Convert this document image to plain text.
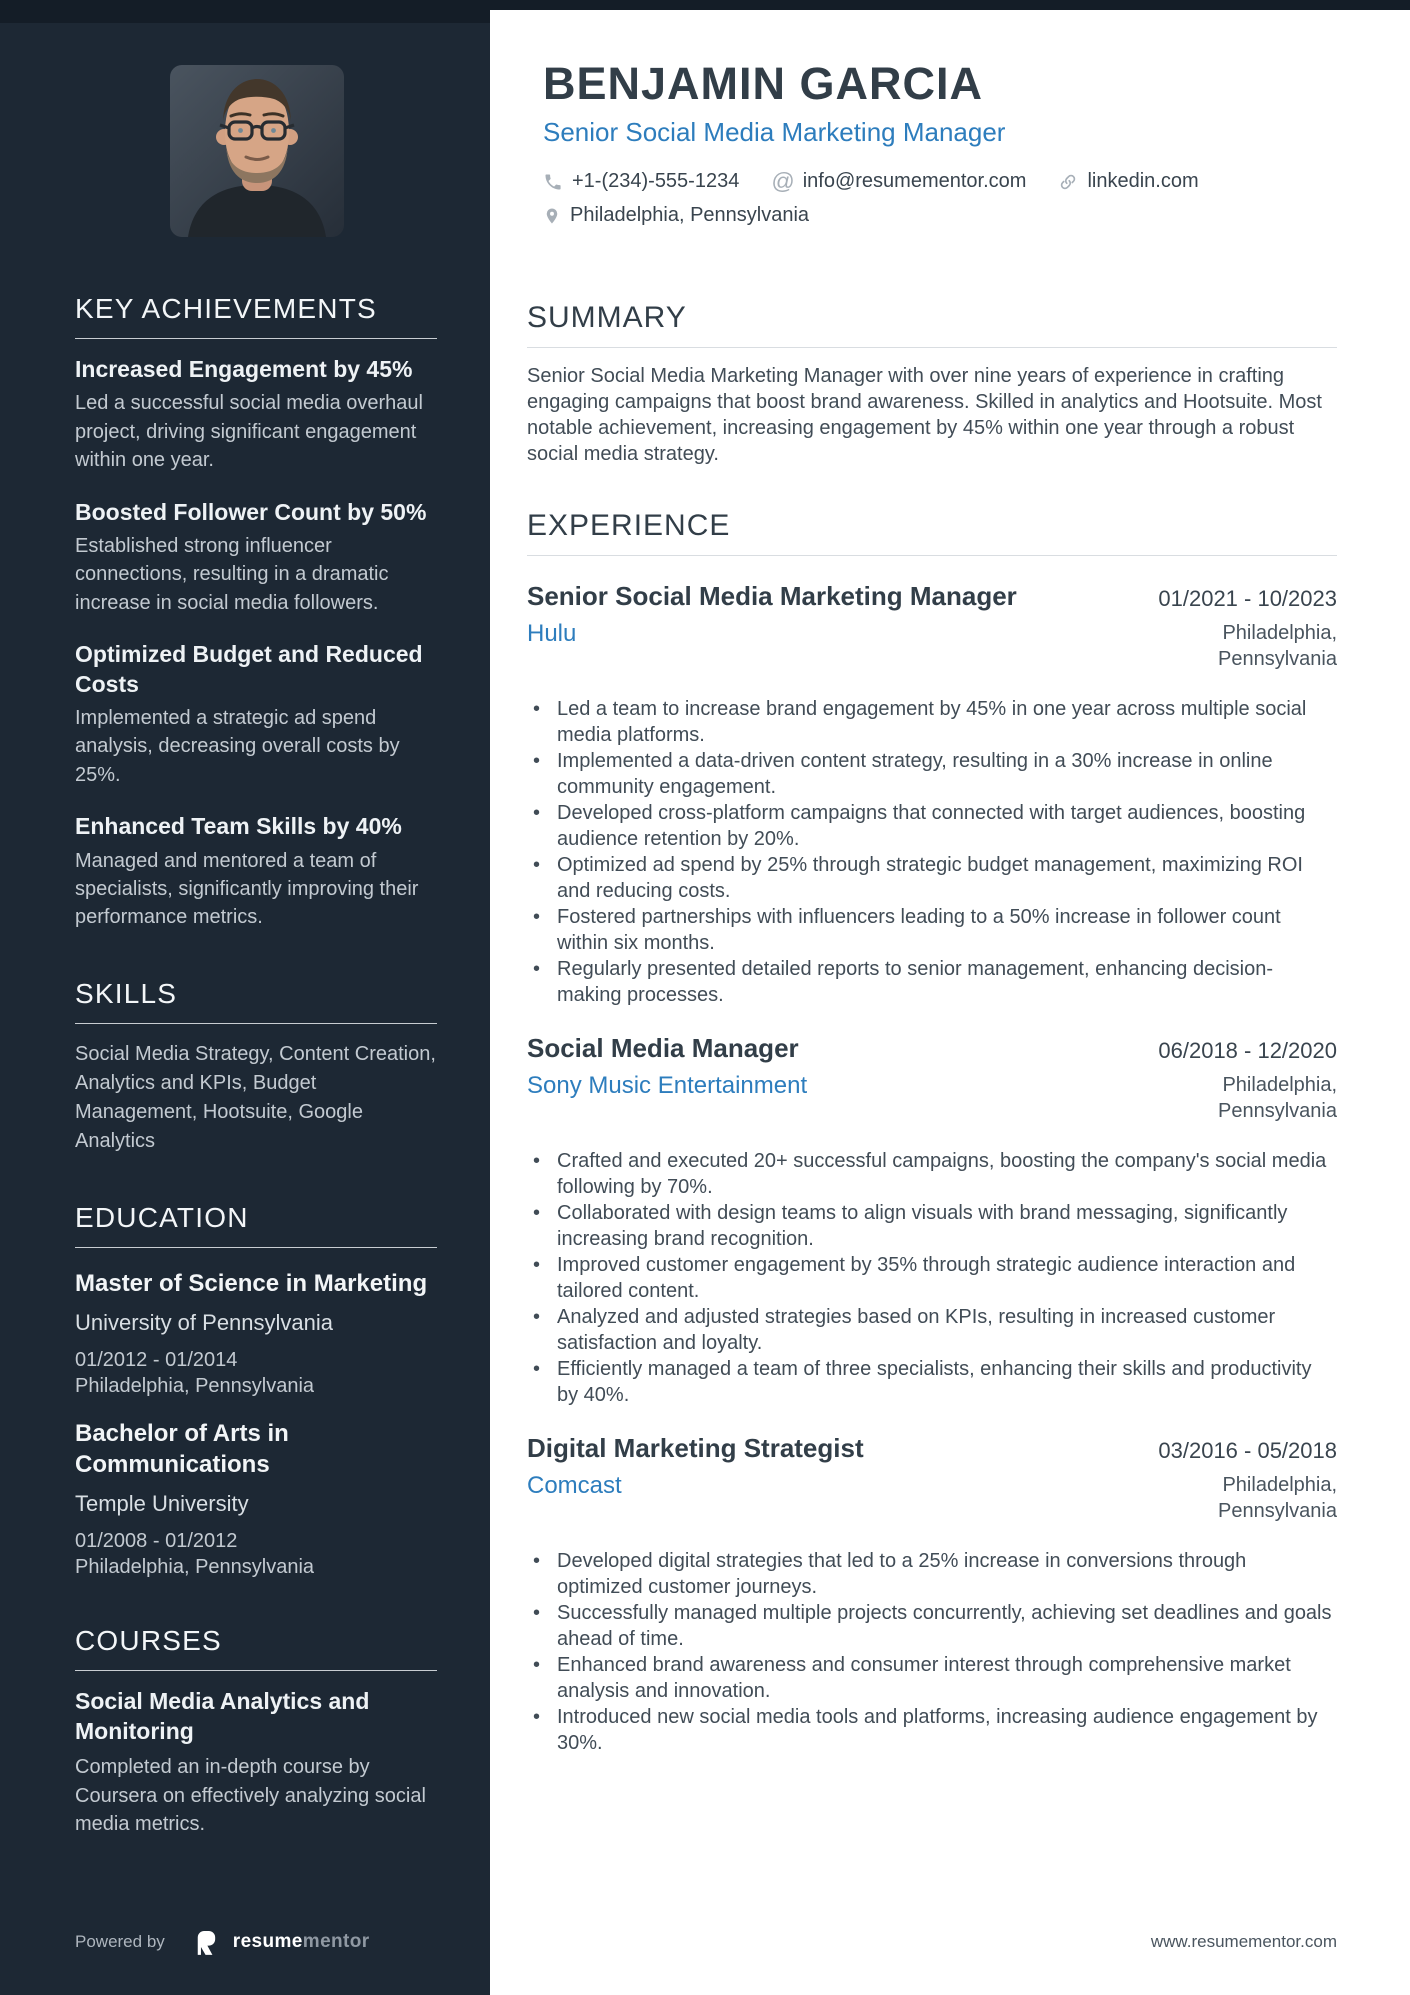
KEY ACHIEVEMENTS
Increased Engagement by 45%
Led a successful social media overhaul project, driving significant engagement within one year.
Boosted Follower Count by 50%
Established strong influencer connections, resulting in a dramatic increase in social media followers.
Optimized Budget and Reduced Costs
Implemented a strategic ad spend analysis, decreasing overall costs by 25%.
Enhanced Team Skills by 40%
Managed and mentored a team of specialists, significantly improving their performance metrics.
SKILLS
Social Media Strategy, Content Creation, Analytics and KPIs, Budget Management, Hootsuite, Google Analytics
EDUCATION
Master of Science in Marketing
University of Pennsylvania
01/2012 - 01/2014
Philadelphia, Pennsylvania
Bachelor of Arts in Communications
Temple University
01/2008 - 01/2012
Philadelphia, Pennsylvania
COURSES
Social Media Analytics and Monitoring
Completed an in-depth course by Coursera on effectively analyzing social media metrics.
Powered by	resumementor
BENJAMIN GARCIA
Senior Social Media Marketing Manager
+1-(234)-555-1234 @ info@resumementor.com	linkedin.com
Philadelphia, Pennsylvania
SUMMARY

Senior Social Media Marketing Manager with over nine years of experience in crafting engaging campaigns that boost brand awareness. Skilled in analytics and Hootsuite. Most notable achievement, increasing engagement by 45% within one year through a robust social media strategy.

EXPERIENCE
Senior Social Media Marketing Manager	01/2021 - 10/2023
Hulu	Philadelphia, Pennsylvania
• Led a team to increase brand engagement by 45% in one year across multiple social media platforms.
• Implemented a data-driven content strategy, resulting in a 30% increase in online community engagement.
• Developed cross-platform campaigns that connected with target audiences, boosting audience retention by 20%.
• Optimized ad spend by 25% through strategic budget management, maximizing ROI and reducing costs.
• Fostered partnerships with influencers leading to a 50% increase in follower count within six months.
• Regularly presented detailed reports to senior management, enhancing decision-making processes.
Social Media Manager	06/2018 - 12/2020
Sony Music Entertainment	Philadelphia, Pennsylvania
• Crafted and executed 20+ successful campaigns, boosting the company's social media following by 70%.
• Collaborated with design teams to align visuals with brand messaging, significantly increasing brand recognition.
• Improved customer engagement by 35% through strategic audience interaction and tailored content.
• Analyzed and adjusted strategies based on KPIs, resulting in increased customer satisfaction and loyalty.
• Efficiently managed a team of three specialists, enhancing their skills and productivity by 40%.
Digital Marketing Strategist	03/2016 - 05/2018
Comcast	Philadelphia, Pennsylvania
• Developed digital strategies that led to a 25% increase in conversions through optimized customer journeys.
• Successfully managed multiple projects concurrently, achieving set deadlines and goals ahead of time.
• Enhanced brand awareness and consumer interest through comprehensive market analysis and innovation.
• Introduced new social media tools and platforms, increasing audience engagement by 30%.
www.resumementor.com
